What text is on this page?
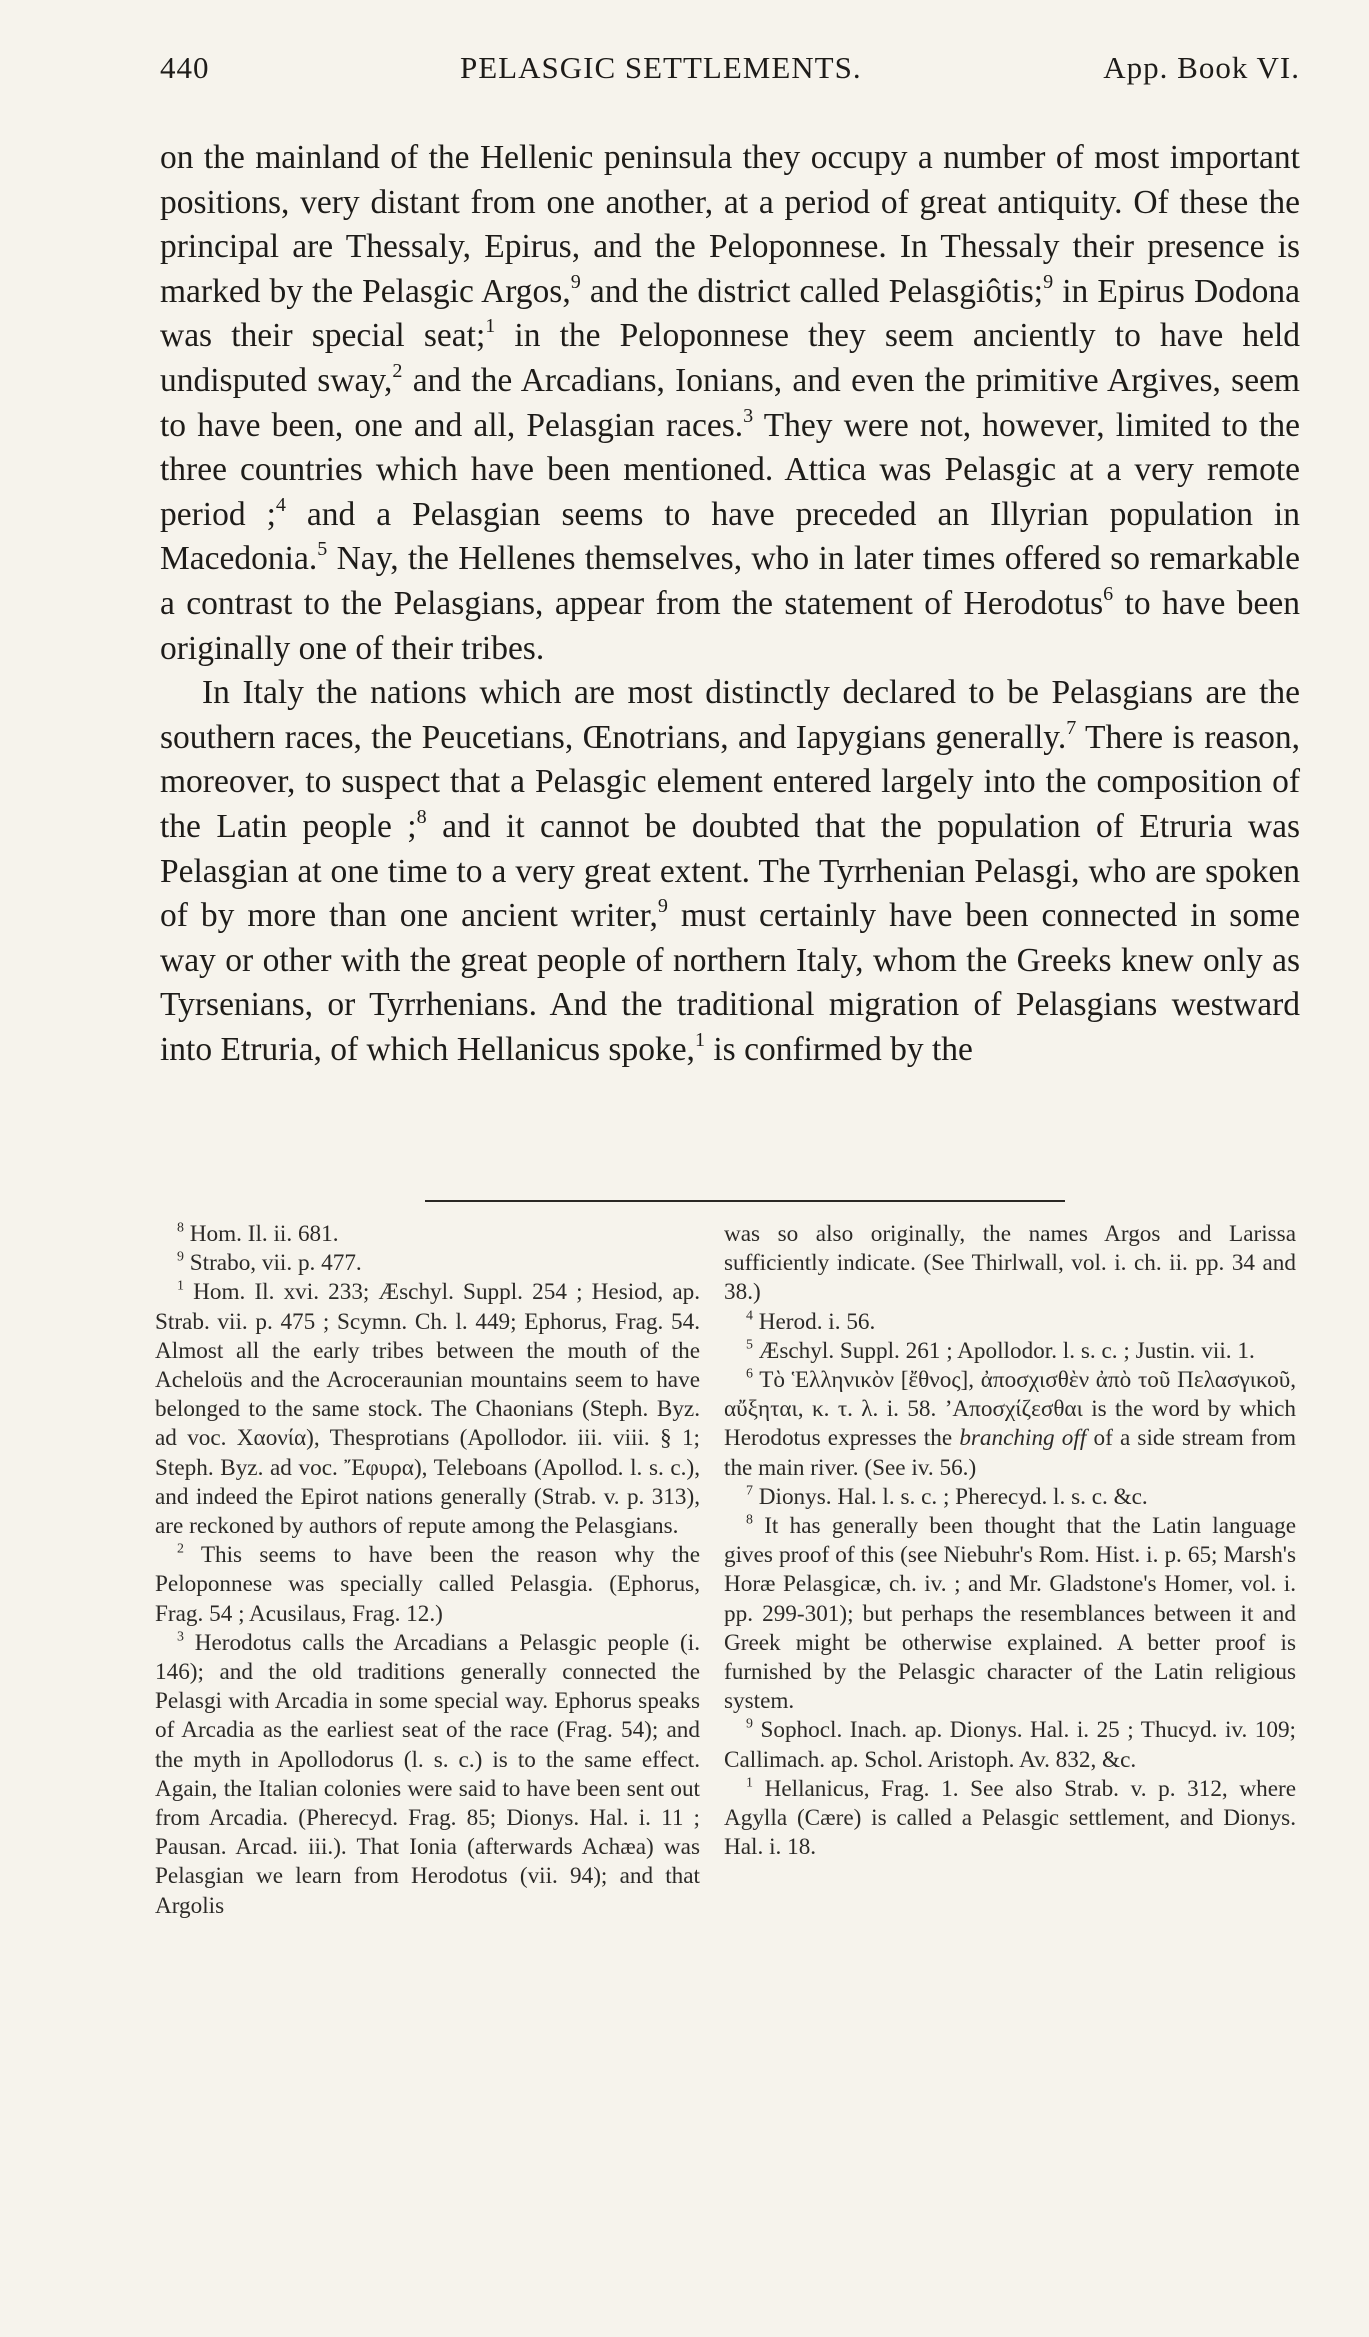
440	PELASGIC SETTLEMENTS.	App. Book VI.

on the mainland of the Hellenic peninsula they occupy a number of most important positions, very distant from one another, at a period of great antiquity. Of these the principal are Thessaly, Epirus, and the Peloponnese. In Thessaly their presence is marked by the Pelasgic Argos,$^9$ and the district called Pelasgiôtis;$^9$ in Epirus Dodona was their special seat;$^1$ in the Peloponnese they seem anciently to have held undisputed sway,$^2$ and the Arcadians, Ionians, and even the primitive Argives, seem to have been, one and all, Pelasgian races.$^3$ They were not, however, limited to the three countries which have been mentioned. Attica was Pelasgic at a very remote period ;$^4$ and a Pelasgian seems to have preceded an Illyrian population in Macedonia.$^5$ Nay, the Hellenes themselves, who in later times offered so remarkable a contrast to the Pelasgians, appear from the statement of Herodotus$^6$ to have been originally one of their tribes.

In Italy the nations which are most distinctly declared to be Pelasgians are the southern races, the Peucetians, Œnotrians, and Iapygians generally.$^7$ There is reason, moreover, to suspect that a Pelasgic element entered largely into the composition of the Latin people ;$^8$ and it cannot be doubted that the population of Etruria was Pelasgian at one time to a very great extent. The Tyrrhenian Pelasgi, who are spoken of by more than one ancient writer,$^9$ must certainly have been connected in some way or other with the great people of northern Italy, whom the Greeks knew only as Tyrsenians, or Tyrrhenians. And the traditional migration of Pelasgians westward into Etruria, of which Hellanicus spoke,$^1$ is confirmed by the

$^8$ Hom. Il. ii. 681.

$^9$ Strabo, vii. p. 477.

$^1$ Hom. Il. xvi. 233; Æschyl. Suppl. 254 ; Hesiod, ap. Strab. vii. p. 475 ; Scymn. Ch. l. 449; Ephorus, Frag. 54. Almost all the early tribes between the mouth of the Acheloüs and the Acroceraunian mountains seem to have belonged to the same stock. The Chaonians (Steph. Byz. ad voc. Χαονία), Thesprotians (Apollodor. iii. viii. § 1; Steph. Byz. ad voc. Ἔφυρα), Teleboans (Apollod. l. s. c.), and indeed the Epirot nations generally (Strab. v. p. 313), are reckoned by authors of repute among the Pelasgians.

$^2$ This seems to have been the reason why the Peloponnese was specially called Pelasgia. (Ephorus, Frag. 54 ; Acusilaus, Frag. 12.)

$^3$ Herodotus calls the Arcadians a Pelasgic people (i. 146); and the old traditions generally connected the Pelasgi with Arcadia in some special way. Ephorus speaks of Arcadia as the earliest seat of the race (Frag. 54); and the myth in Apollodorus (l. s. c.) is to the same effect. Again, the Italian colonies were said to have been sent out from Arcadia. (Pherecyd. Frag. 85; Dionys. Hal. i. 11 ; Pausan. Arcad. iii.). That Ionia (afterwards Achæa) was Pelasgian we learn from Herodotus (vii. 94); and that Argolis

was so also originally, the names Argos and Larissa sufficiently indicate. (See Thirlwall, vol. i. ch. ii. pp. 34 and 38.)

$^4$ Herod. i. 56.

$^5$ Æschyl. Suppl. 261 ; Apollodor. l. s. c. ; Justin. vii. 1.

$^6$ Τὸ Ἑλληνικὸν [ἔθνος], ἀποσχισθὲν ἀπὸ τοῦ Πελασγικοῦ, αὔξηται, κ. τ. λ. i. 58. ’Αποσχίζεσθαι is the word by which Herodotus expresses the branching off of a side stream from the main river. (See iv. 56.)

$^7$ Dionys. Hal. l. s. c. ; Pherecyd. l. s. c. &c.

$^8$ It has generally been thought that the Latin language gives proof of this (see Niebuhr's Rom. Hist. i. p. 65; Marsh's Horæ Pelasgicæ, ch. iv. ; and Mr. Gladstone's Homer, vol. i. pp. 299-301); but perhaps the resemblances between it and Greek might be otherwise explained. A better proof is furnished by the Pelasgic character of the Latin religious system.

$^9$ Sophocl. Inach. ap. Dionys. Hal. i. 25 ; Thucyd. iv. 109; Callimach. ap. Schol. Aristoph. Av. 832, &c.

$^1$ Hellanicus, Frag. 1. See also Strab. v. p. 312, where Agylla (Cære) is called a Pelasgic settlement, and Dionys. Hal. i. 18.
